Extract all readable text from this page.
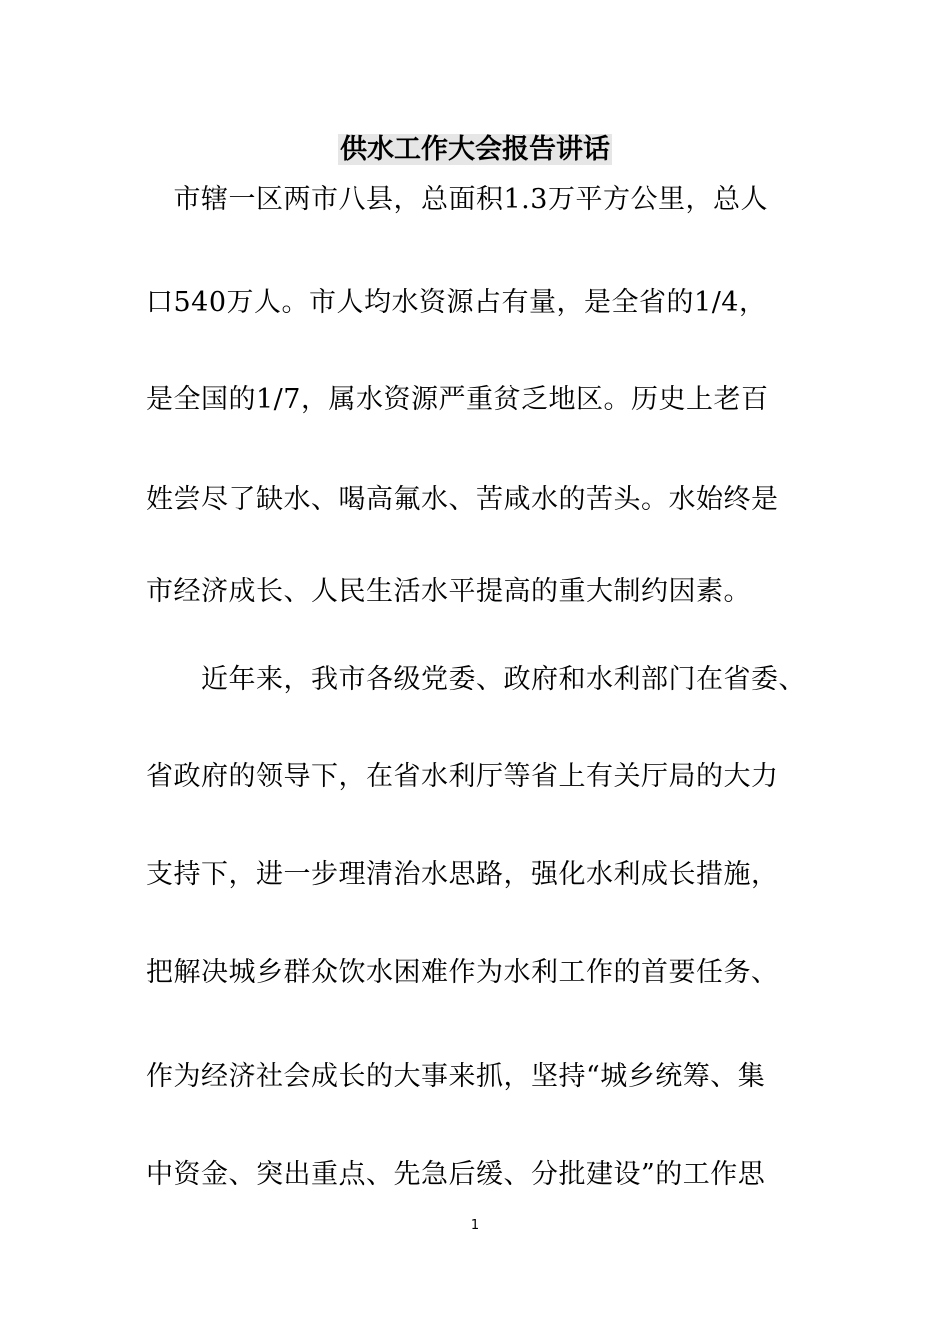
供水工作大会报告讲话
　市辖一区两市八县，总面积1.3万平方公里，总人
口540万人。市人均水资源占有量，是全省的1/4，
是全国的1/7，属水资源严重贫乏地区。历史上老百
姓尝尽了缺水、喝高氟水、苦咸水的苦头。水始终是
市经济成长、人民生活水平提高的重大制约因素。
　　近年来，我市各级党委、政府和水利部门在省委、
省政府的领导下，在省水利厅等省上有关厅局的大力
支持下，进一步理清治水思路，强化水利成长措施，
把解决城乡群众饮水困难作为水利工作的首要任务、
作为经济社会成长的大事来抓，坚持“城乡统筹、集
中资金、突出重点、先急后缓、分批建设”的工作思
1
